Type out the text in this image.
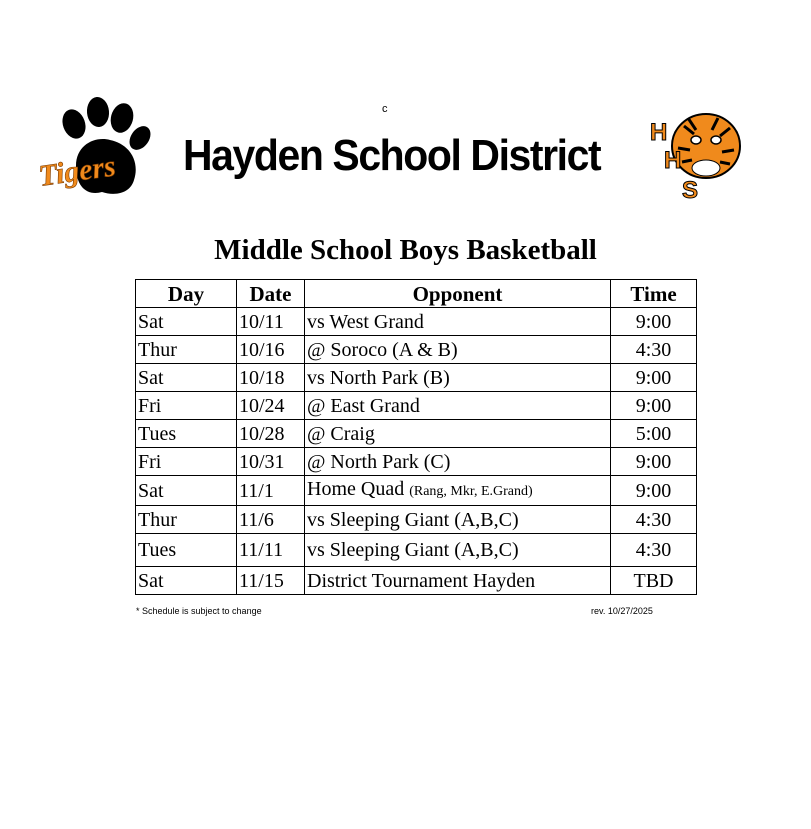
c
Tigers Hayden School District H
H
S
Middle School Boys Basketball
Day	Date	Opponent	Time
Sat	10/11	vs West Grand	9:00
Thur	10/16	@ Soroco (A & B)	4:30
Sat	10/18	vs North Park (B)	9:00
Fri	10/24	@ East Grand	9:00
Tues	10/28	@ Craig	5:00
Fri	10/31	@ North Park (C)	9:00
Sat	11/1	Home Quad (Rang, Mkr, E.Grand)	9:00
Thur	11/6	vs Sleeping Giant (A,B,C)	4:30
Tues	11/11	vs Sleeping Giant (A,B,C)	4:30
Sat	11/15	District Tournament Hayden	TBD
* Schedule is subject to change	rev. 10/27/2025
